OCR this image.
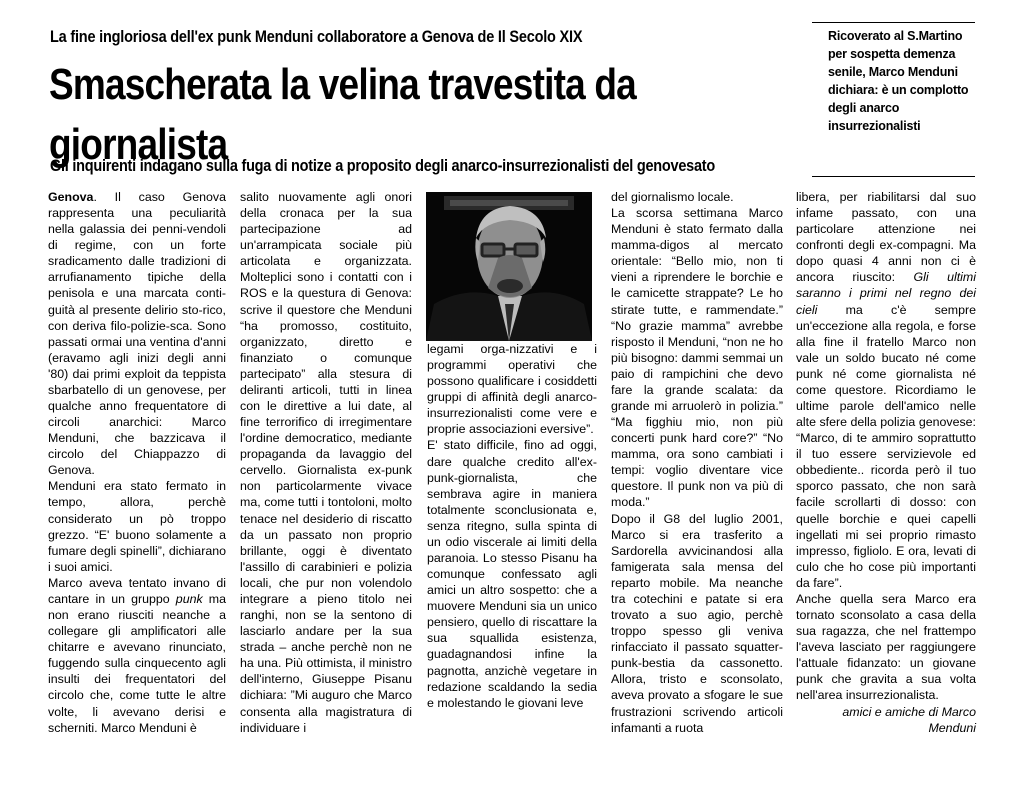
La fine ingloriosa dell'ex punk Menduni collaboratore a Genova de Il Secolo XIX
Smascherata la velina travestita da giornalista
Gli inquirenti indagano sulla fuga di notize a proposito degli anarco-insurrezionalisti del genovesato
Ricoverato al S.Martino per sospetta demenza senile, Marco Menduni dichiara: è un complotto degli anarco insurrezionalisti

Genova. Il caso Genova rappresenta una peculiarità nella galassia dei penni-vendoli di regime, con un forte sradicamento dalle tradizioni di arrufianamento tipiche della penisola e una marcata conti-guità al presente delirio sto-rico, con deriva filo-polizie-sca. Sono passati ormai una ventina d'anni (eravamo agli inizi degli anni '80) dai primi exploit da teppista sbarbatello di un genovese, per qualche anno frequentatore di circoli anarchici: Marco Menduni, che bazzicava il circolo del Chiappazzo di Genova.

Menduni era stato fermato in tempo, allora, perchè considerato un pò troppo grezzo. “E' buono solamente a fumare degli spinelli”, dichiarano i suoi amici.

Marco aveva tentato invano di cantare in un gruppo punk ma non erano riusciti neanche a collegare gli amplificatori alle chitarre e avevano rinunciato, fuggendo sulla cinquecento agli insulti dei frequentatori del circolo che, come tutte le altre volte, li avevano derisi e scherniti. Marco Menduni è

salito nuovamente agli onori della cronaca per la sua partecipazione ad un'arrampicata sociale più articolata e organizzata. Molteplici sono i contatti con i ROS e la questura di Genova: scrive il questore che Menduni “ha promosso, costituito, organizzato, diretto e finanziato o comunque partecipato” alla stesura di deliranti articoli, tutti in linea con le direttive a lui date, al fine terrorifico di irregimentare l'ordine democratico, mediante propaganda da lavaggio del cervello. Giornalista ex-punk non particolarmente vivace ma, come tutti i tontoloni, molto tenace nel desiderio di riscatto da un passato non proprio brillante, oggi è diventato l'assillo di carabinieri e polizia locali, che pur non volendolo integrare a pieno titolo nei ranghi, non se la sentono di lasciarlo andare per la sua strada – anche perchè non ne ha una. Più ottimista, il ministro dell'interno, Giuseppe Pisanu dichiara: ”Mi auguro che Marco consenta alla magistratura di individuare i

legami orga-nizzativi e i programmi operativi che possono qualificare i cosiddetti gruppi di affinità degli anarco-insurrezionalisti come vere e proprie associazioni eversive”.

E' stato difficile, fino ad oggi, dare qualche credito all'ex-punk-giornalista, che sembrava agire in maniera totalmente sconclusionata e, senza ritegno, sulla spinta di un odio viscerale ai limiti della paranoia. Lo stesso Pisanu ha comunque confessato agli amici un altro sospetto: che a muovere Menduni sia un unico pensiero, quello di riscattare la sua squallida esistenza, guadagnandosi infine la pagnotta, anzichè vegetare in redazione scaldando la sedia e molestando le giovani leve

del giornalismo locale.

La scorsa settimana Marco Menduni è stato fermato dalla mamma-digos al mercato orientale: “Bello mio, non ti vieni a riprendere le borchie e le camicette strappate? Le ho stirate tutte, e rammendate.” “No grazie mamma” avrebbe risposto il Menduni, “non ne ho più bisogno: dammi semmai un paio di rampichini che devo fare la grande scalata: da grande mi arruolerò in polizia.” “Ma figghiu mio, non più concerti punk hard core?” “No mamma, ora sono cambiati i tempi: voglio diventare vice questore. Il punk non va più di moda.”

Dopo il G8 del luglio 2001, Marco si era trasferito a Sardorella avvicinandosi alla famigerata sala mensa del reparto mobile. Ma neanche tra cotechini e patate si era trovato a suo agio, perchè troppo spesso gli veniva rinfacciato il passato squatter-punk-bestia da cassonetto. Allora, tristo e sconsolato, aveva provato a sfogare le sue frustrazioni scrivendo articoli infamanti a ruota

libera, per riabilitarsi dal suo infame passato, con una particolare attenzione nei confronti degli ex-compagni. Ma dopo quasi 4 anni non ci è ancora riuscito: Gli ultimi saranno i primi nel regno dei cieli ma c'è sempre un'eccezione alla regola, e forse alla fine il fratello Marco non vale un soldo bucato né come punk né come giornalista né come questore. Ricordiamo le ultime parole dell'amico nelle alte sfere della polizia genovese: “Marco, di te ammiro soprattutto il tuo essere servizievole ed obbediente.. ricorda però il tuo sporco passato, che non sarà facile scrollarti di dosso: con quelle borchie e quei capelli ingellati mi sei proprio rimasto impresso, figliolo. E ora, levati di culo che ho cose più importanti da fare”.

Anche quella sera Marco era tornato sconsolato a casa della sua ragazza, che nel frattempo l'aveva lasciato per raggiungere l'attuale fidanzato: un giovane punk che gravita a sua volta nell'area insurrezionalista.

amici e amiche di Marco

Menduni
